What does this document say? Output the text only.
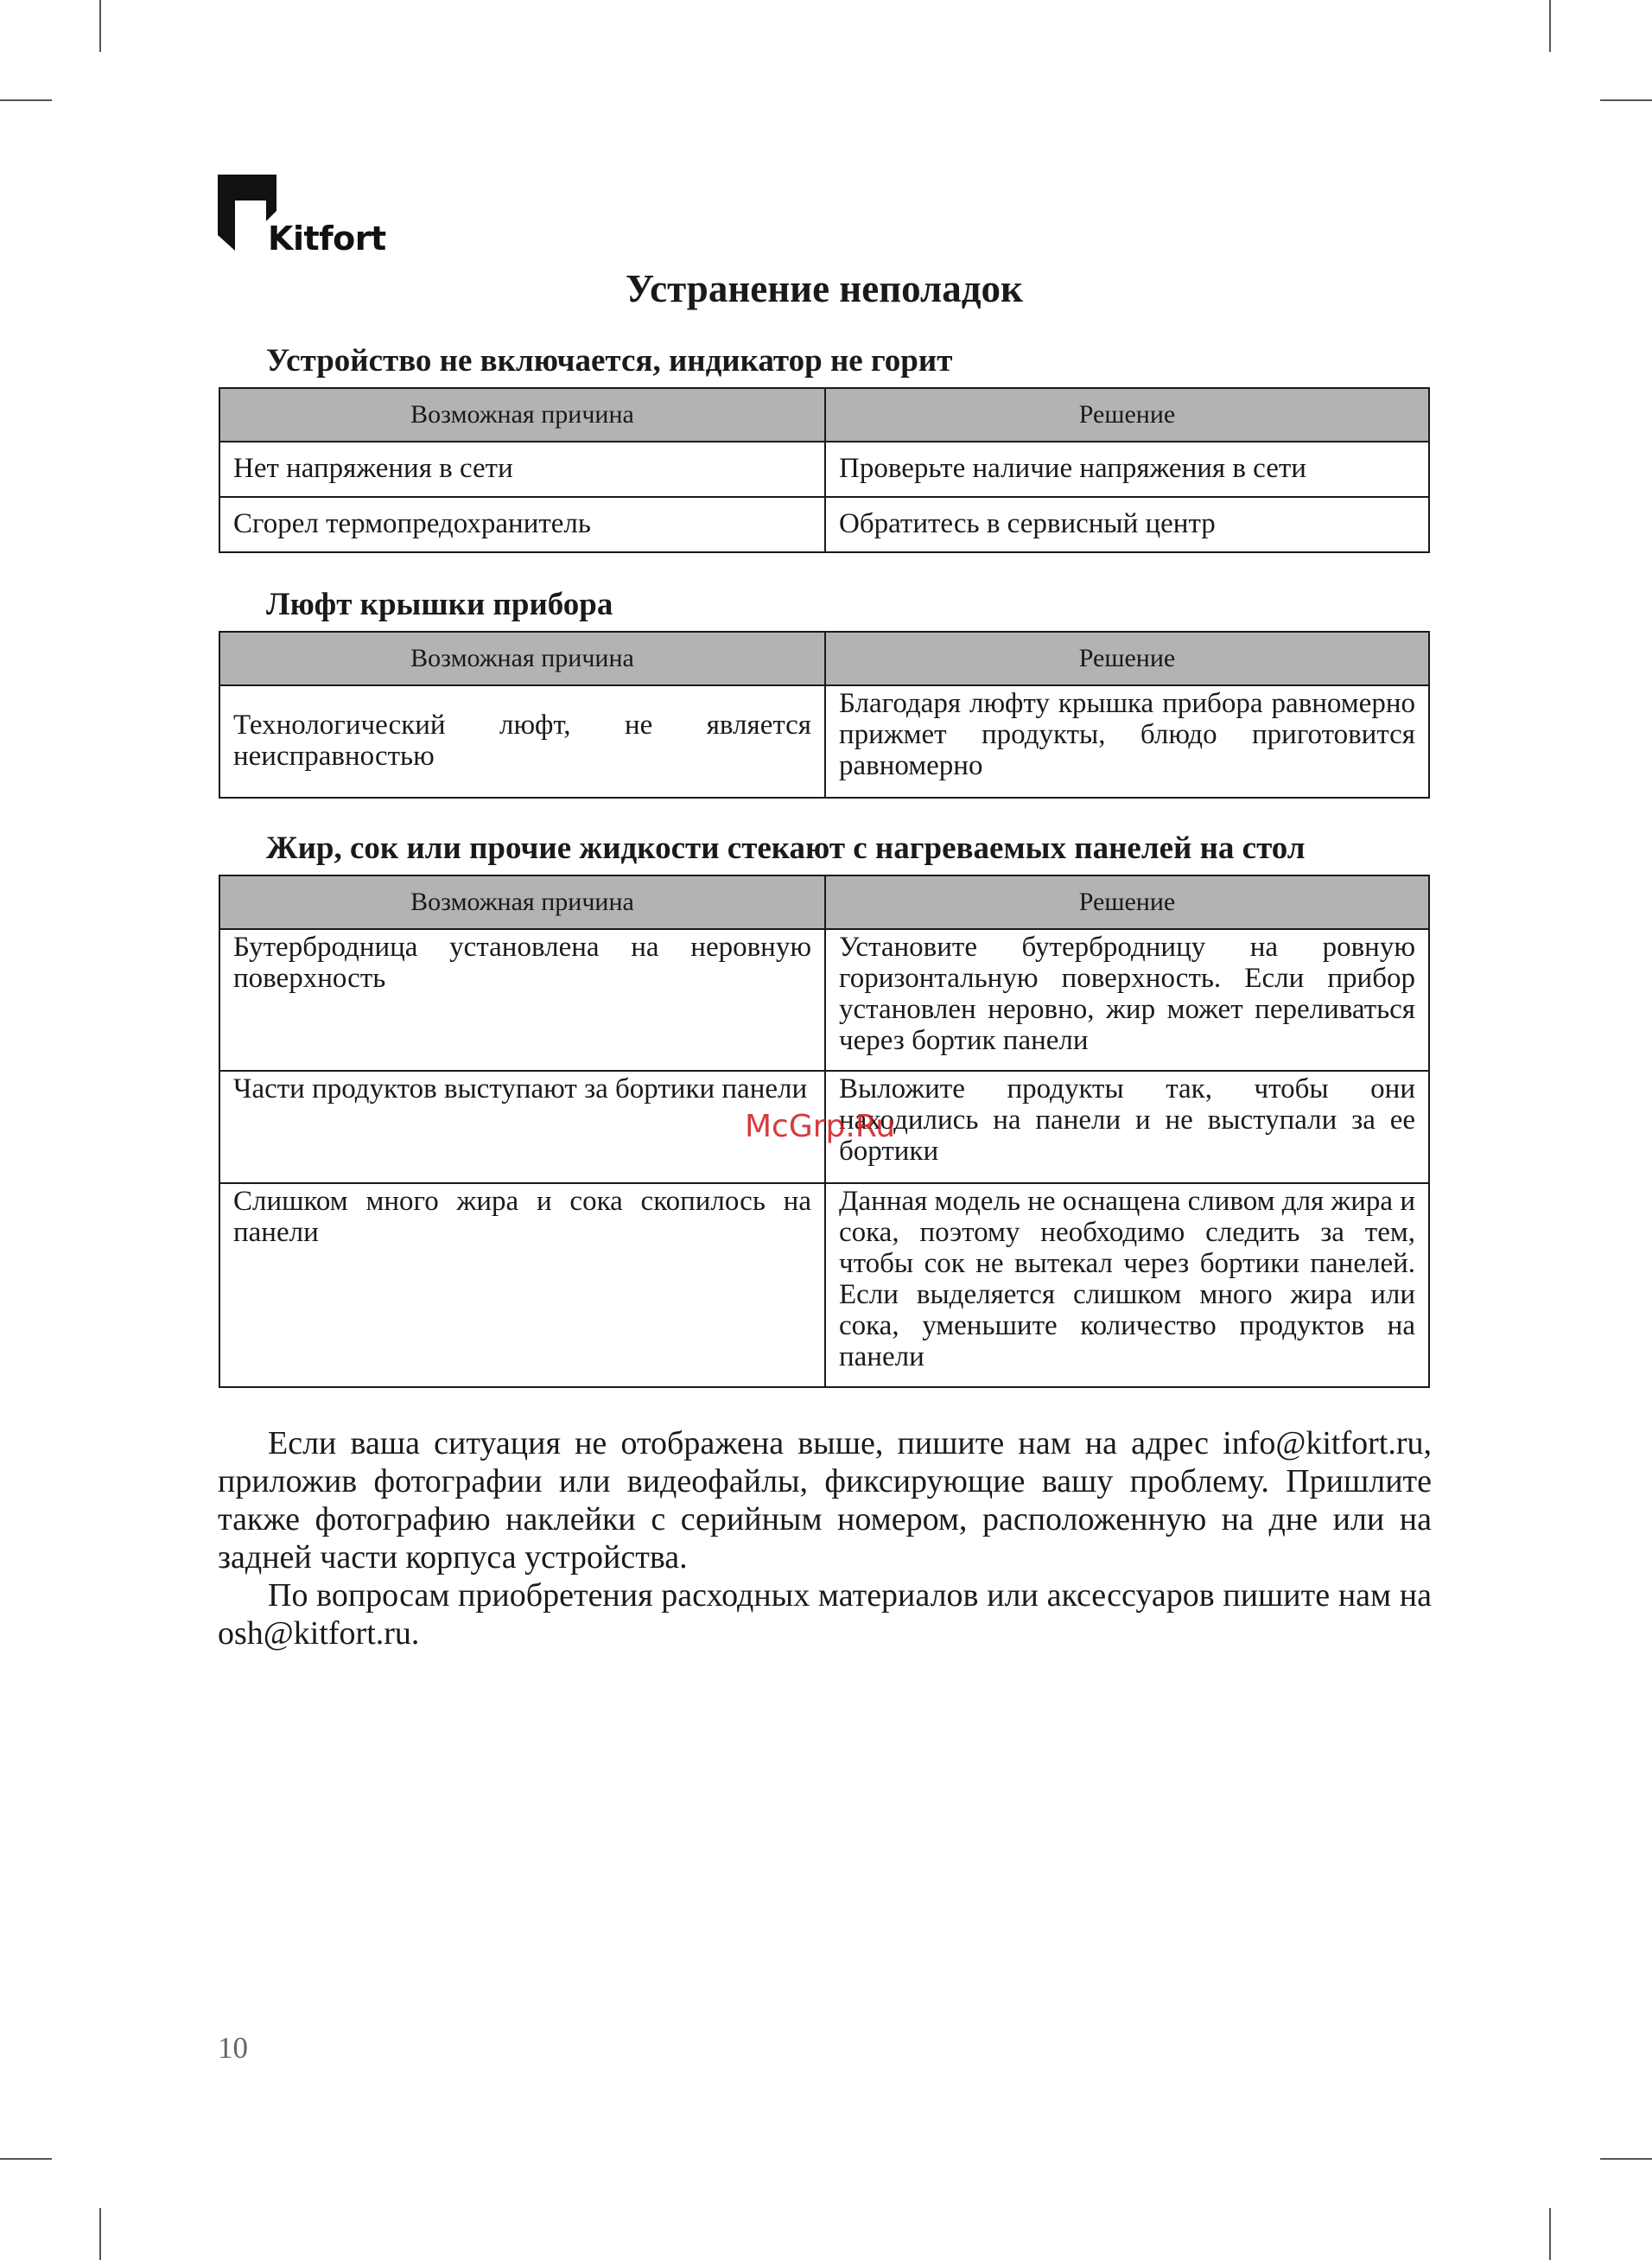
Kitfort
Устранение неполадок
Устройство не включается, индикатор не горит
Возможная причина	Решение
Нет напряжения в сети	Проверьте наличие напряжения в сети
Сгорел термопредохранитель	Обратитесь в сервисный центр
Люфт крышки прибора
Возможная причина	Решение
Технологический люфт, не является неисправностью	Благодаря люфту крышка прибора равномерно прижмет продукты, блюдо приготовится равномерно
Жир, сок или прочие жидкости стекают с нагреваемых панелей на стол
Возможная причина	Решение
Бутербродница установлена на неровную поверхность	Установите бутербродницу на ровную горизонтальную поверхность. Если прибор установлен неровно, жир может переливаться через бортик панели
Части продуктов выступают за бортики панели	Выложите продукты так, чтобы они находились на панели и не выступали за ее бортики
Слишком много жира и сока скопилось на панели	Данная модель не оснащена сливом для жира и сока, поэтому необходимо следить за тем, чтобы сок не вытекал через бортики панелей. Если выделяется слишком много жира или сока, уменьшите количество продуктов на панели

Если ваша ситуация не отображена выше, пишите нам на адрес info@kitfort.ru, приложив фотографии или видеофайлы, фиксирующие вашу проблему. Пришлите также фотографию наклейки с серийным номером, расположенную на дне или на задней части корпуса устройства.

По вопросам приобретения расходных материалов или аксессуаров пишите нам на osh@kitfort.ru.

McGrp.Ru
10
